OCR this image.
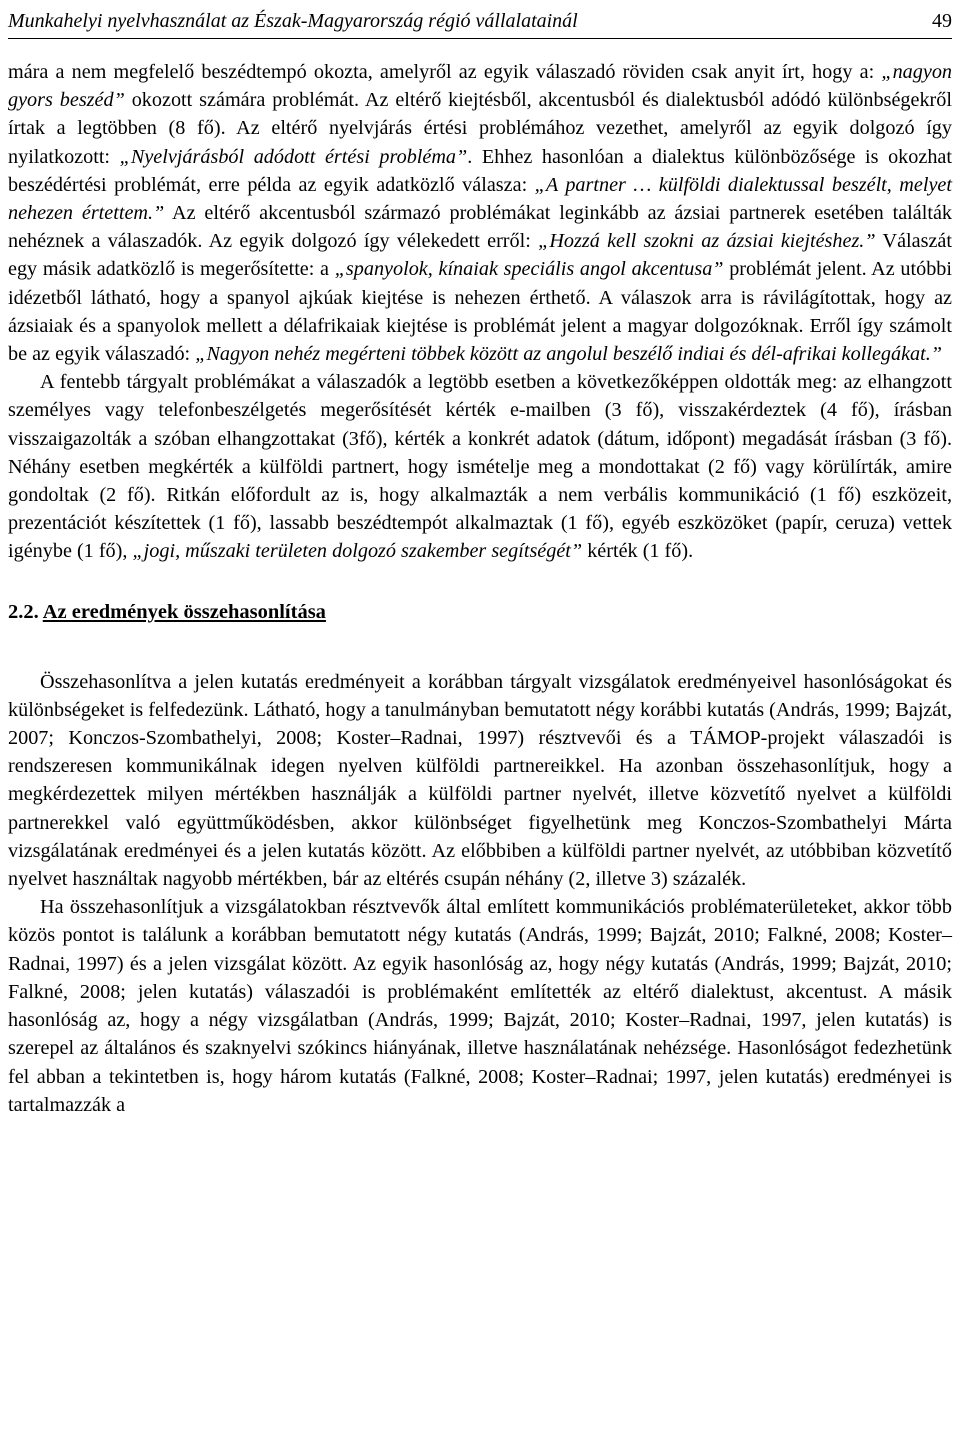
Munkahelyi nyelvhasználat az Észak-Magyarország régió vállalatainál	49

mára a nem megfelelő beszédtempó okozta, amelyről az egyik válaszadó röviden csak anyit írt, hogy a: „nagyon gyors beszéd” okozott számára problémát. Az eltérő kiejtésből, akcentusból és dialektusból adódó különbségekről írtak a legtöbben (8 fő). Az eltérő nyelvjárás értési problémához vezethet, amelyről az egyik dolgozó így nyilatkozott: „Nyelvjárásból adódott értési probléma”. Ehhez hasonlóan a dialektus különbözősége is okozhat beszédértési problémát, erre példa az egyik adatközlő válasza: „A partner … külföldi dialektussal beszélt, melyet nehezen értettem.” Az eltérő akcentusból származó problémákat leginkább az ázsiai partnerek esetében találták nehéznek a válaszadók. Az egyik dolgozó így vélekedett erről: „Hozzá kell szokni az ázsiai kiejtéshez.” Válaszát egy másik adatközlő is megerősítette: a „spanyolok, kínaiak speciális angol akcentusa” problémát jelent. Az utóbbi idézetből látható, hogy a spanyol ajkúak kiejtése is nehezen érthető. A válaszok arra is rávilágítottak, hogy az ázsiaiak és a spanyolok mellett a délafrikaiak kiejtése is problémát jelent a magyar dolgozóknak. Erről így számolt be az egyik válaszadó: „Nagyon nehéz megérteni többek között az angolul beszélő indiai és dél-afrikai kollegákat.”

A fentebb tárgyalt problémákat a válaszadók a legtöbb esetben a következőképpen oldották meg: az elhangzott személyes vagy telefonbeszélgetés megerősítését kérték e-mailben (3 fő), visszakérdeztek (4 fő), írásban visszaigazolták a szóban elhangzottakat (3fő), kérték a konkrét adatok (dátum, időpont) megadását írásban (3 fő). Néhány esetben megkérték a külföldi partnert, hogy ismételje meg a mondottakat (2 fő) vagy körülírták, amire gondoltak (2 fő). Ritkán előfordult az is, hogy alkalmazták a nem verbális kommunikáció (1 fő) eszközeit, prezentációt készítettek (1 fő), lassabb beszédtempót alkalmaztak (1 fő), egyéb eszközöket (papír, ceruza) vettek igénybe (1 fő), „jogi, műszaki területen dolgozó szakember segítségét” kérték (1 fő).

2.2. Az eredmények összehasonlítása

Összehasonlítva a jelen kutatás eredményeit a korábban tárgyalt vizsgálatok eredményeivel hasonlóságokat és különbségeket is felfedezünk. Látható, hogy a tanulmányban bemutatott négy korábbi kutatás (András, 1999; Bajzát, 2007; Konczos-Szombathelyi, 2008; Koster–Radnai, 1997) résztvevői és a TÁMOP-projekt válaszadói is rendszeresen kommunikálnak idegen nyelven külföldi partnereikkel. Ha azonban összehasonlítjuk, hogy a megkérdezettek milyen mértékben használják a külföldi partner nyelvét, illetve közvetítő nyelvet a külföldi partnerekkel való együttműködésben, akkor különbséget figyelhetünk meg Konczos-Szombathelyi Márta vizsgálatának eredményei és a jelen kutatás között. Az előbbiben a külföldi partner nyelvét, az utóbbiban közvetítő nyelvet használtak nagyobb mértékben, bár az eltérés csupán néhány (2, illetve 3) százalék.

Ha összehasonlítjuk a vizsgálatokban résztvevők által említett kommunikációs problématerületeket, akkor több közös pontot is találunk a korábban bemutatott négy kutatás (András, 1999; Bajzát, 2010; Falkné, 2008; Koster–Radnai, 1997) és a jelen vizsgálat között. Az egyik hasonlóság az, hogy négy kutatás (András, 1999; Bajzát, 2010; Falkné, 2008; jelen kutatás) válaszadói is problémaként említették az eltérő dialektust, akcentust. A másik hasonlóság az, hogy a négy vizsgálatban (András, 1999; Bajzát, 2010; Koster–Radnai, 1997, jelen kutatás) is szerepel az általános és szaknyelvi szókincs hiányának, illetve használatának nehézsége. Hasonlóságot fedezhetünk fel abban a tekintetben is, hogy három kutatás (Falkné, 2008; Koster–Radnai; 1997, jelen kutatás) eredményei is tartalmazzák a
